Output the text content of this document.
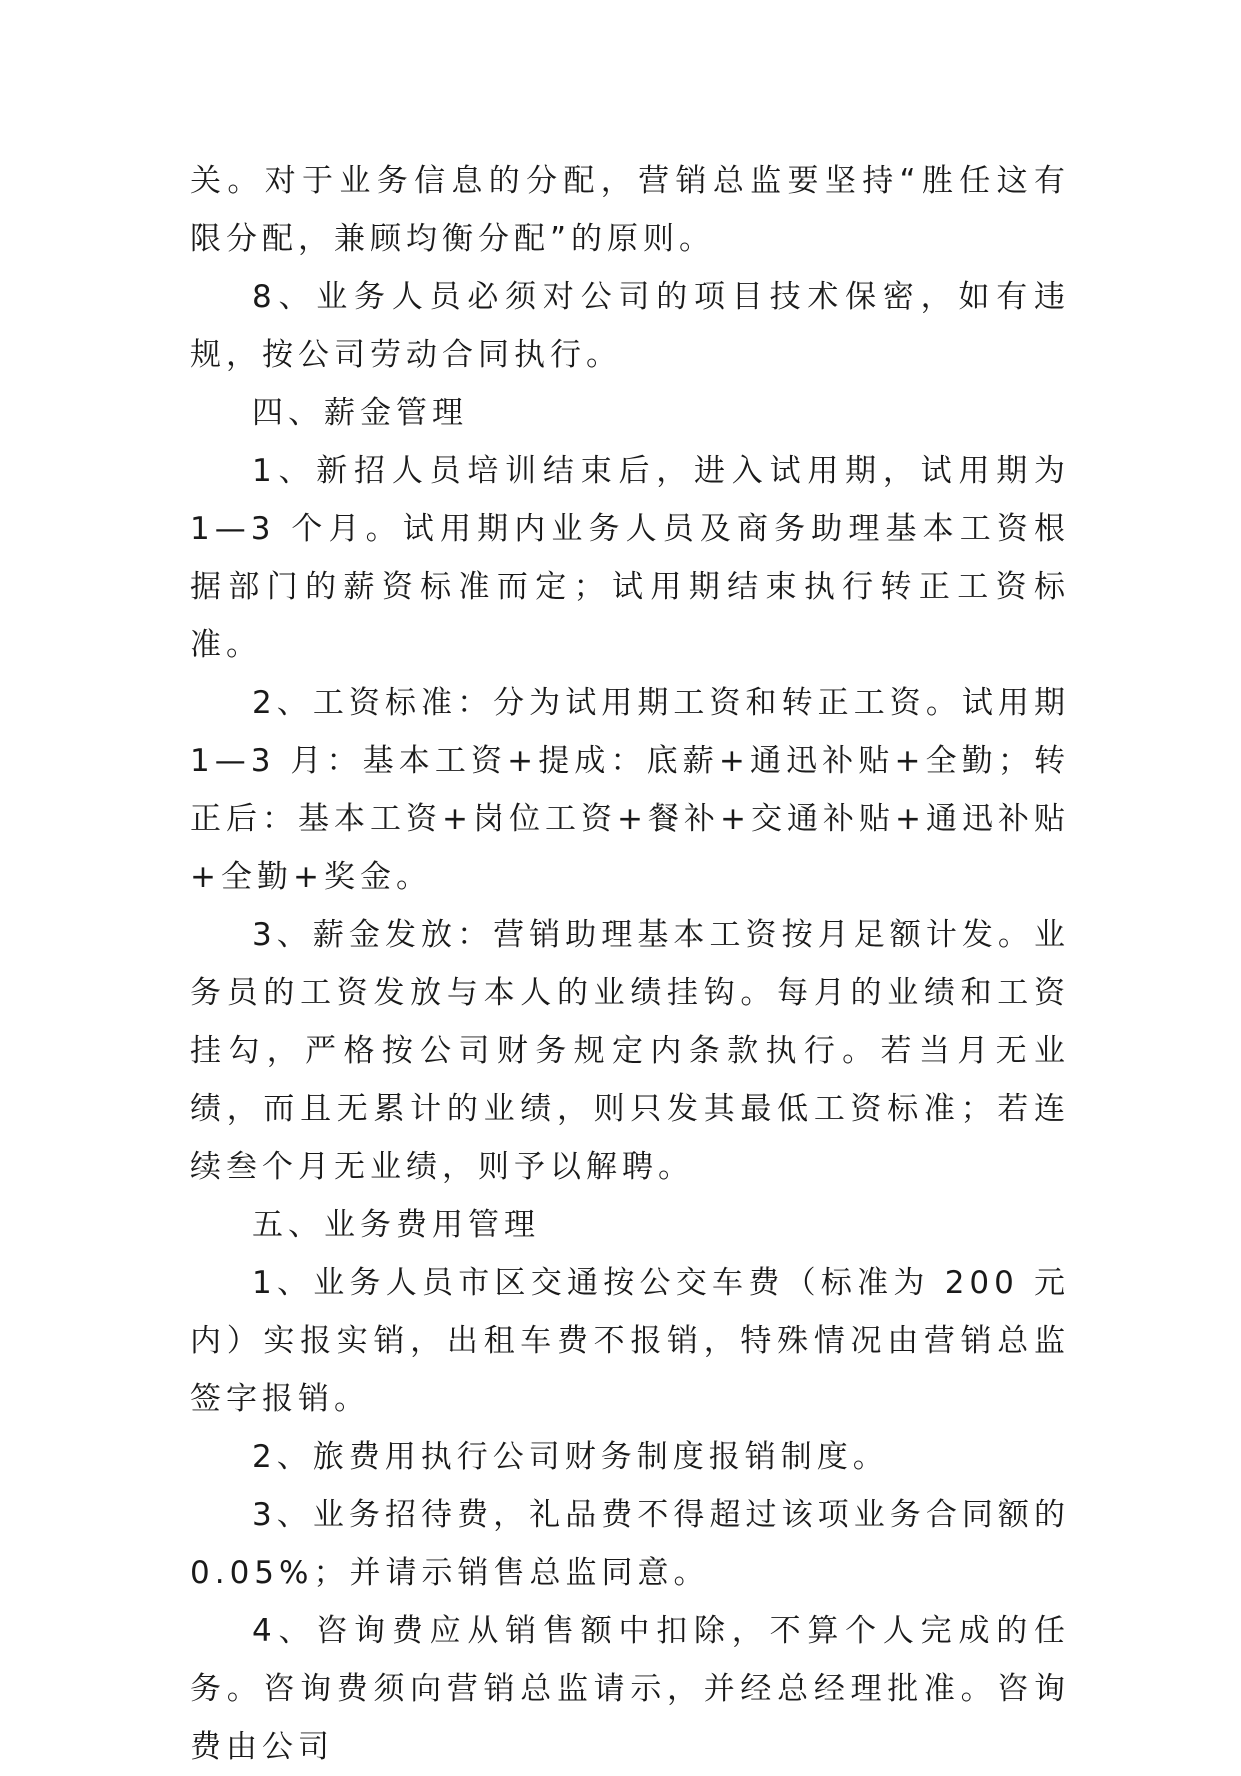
关。对于业务信息的分配，营销总监要坚持“胜任这有限分配，兼顾均衡分配”的原则。

8、业务人员必须对公司的项目技术保密，如有违规，按公司劳动合同执行。

四、薪金管理

1、新招人员培训结束后，进入试用期，试用期为 1—3 个月。试用期内业务人员及商务助理基本工资根据部门的薪资标准而定；试用期结束执行转正工资标准。

2、工资标准：分为试用期工资和转正工资。试用期 1—3 月：基本工资+提成：底薪+通迅补贴+全勤；转正后：基本工资+岗位工资+餐补+交通补贴+通迅补贴+全勤+奖金。

3、薪金发放：营销助理基本工资按月足额计发。业务员的工资发放与本人的业绩挂钩。每月的业绩和工资挂勾，严格按公司财务规定内条款执行。若当月无业绩，而且无累计的业绩，则只发其最低工资标准；若连续叁个月无业绩，则予以解聘。

五、业务费用管理

1、业务人员市区交通按公交车费（标准为 200 元内）实报实销，出租车费不报销，特殊情况由营销总监签字报销。

2、旅费用执行公司财务制度报销制度。

3、业务招待费，礼品费不得超过该项业务合同额的 0.05%；并请示销售总监同意。

4、咨询费应从销售额中扣除，不算个人完成的任务。咨询费须向营销总监请示，并经总经理批准。咨询费由公司
